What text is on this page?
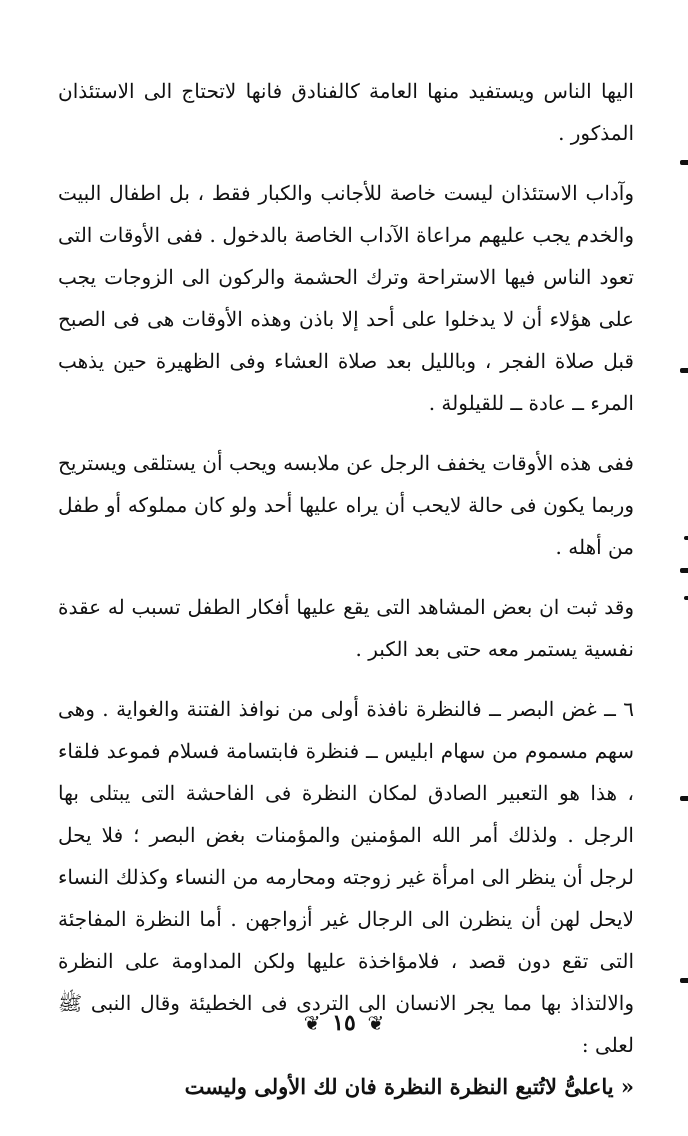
اليها الناس ويستفيد منها العامة كالفنادق فانها لاتحتاج الى الاستئذان المذكور .

وآداب الاستئذان ليست خاصة للأجانب والكبار فقط ، بل اطفال البيت والخدم يجب عليهم مراعاة الآداب الخاصة بالدخول . ففى الأوقات التى تعود الناس فيها الاستراحة وترك الحشمة والركون الى الزوجات يجب على هؤلاء أن لا يدخلوا على أحد إلا باذن وهذه الأوقات هى فى الصبح قبل صلاة الفجر ، وبالليل بعد صلاة العشاء وفى الظهيرة حين يذهب المرء ــ عادة ــ للقيلولة .

ففى هذه الأوقات يخفف الرجل عن ملابسه ويحب أن يستلقى ويستريح وربما يكون فى حالة لايحب أن يراه عليها أحد ولو كان مملوكه أو طفل من أهله .

وقد ثبت ان بعض المشاهد التى يقع عليها أفكار الطفل تسبب له عقدة نفسية يستمر معه حتى بعد الكبر .

٦ ــ غض البصر ــ فالنظرة نافذة أولى من نوافذ الفتنة والغواية . وهى سهم مسموم من سهام ابليس ــ فنظرة فابتسامة فسلام فموعد فلقاء ، هذا هو التعبير الصادق لمكان النظرة فى الفاحشة التى يبتلى بها الرجل . ولذلك أمر الله المؤمنين والمؤمنات بغض البصر ؛ فلا يحل لرجل أن ينظر الى امرأة غير زوجته ومحارمه من النساء وكذلك النساء لايحل لهن أن ينظرن الى الرجال غير أزواجهن . أما النظرة المفاجئة التى تقع دون قصد ، فلامؤاخذة عليها ولكن المداومة على النظرة والالتذاذ بها مما يجر الانسان الى التردى فى الخطيئة وقال النبى ﷺ لعلى :

« ياعلىُّ لاتُتبع النظرة النظرة فان لك الأولى وليست

❦ ١٥ ❦
